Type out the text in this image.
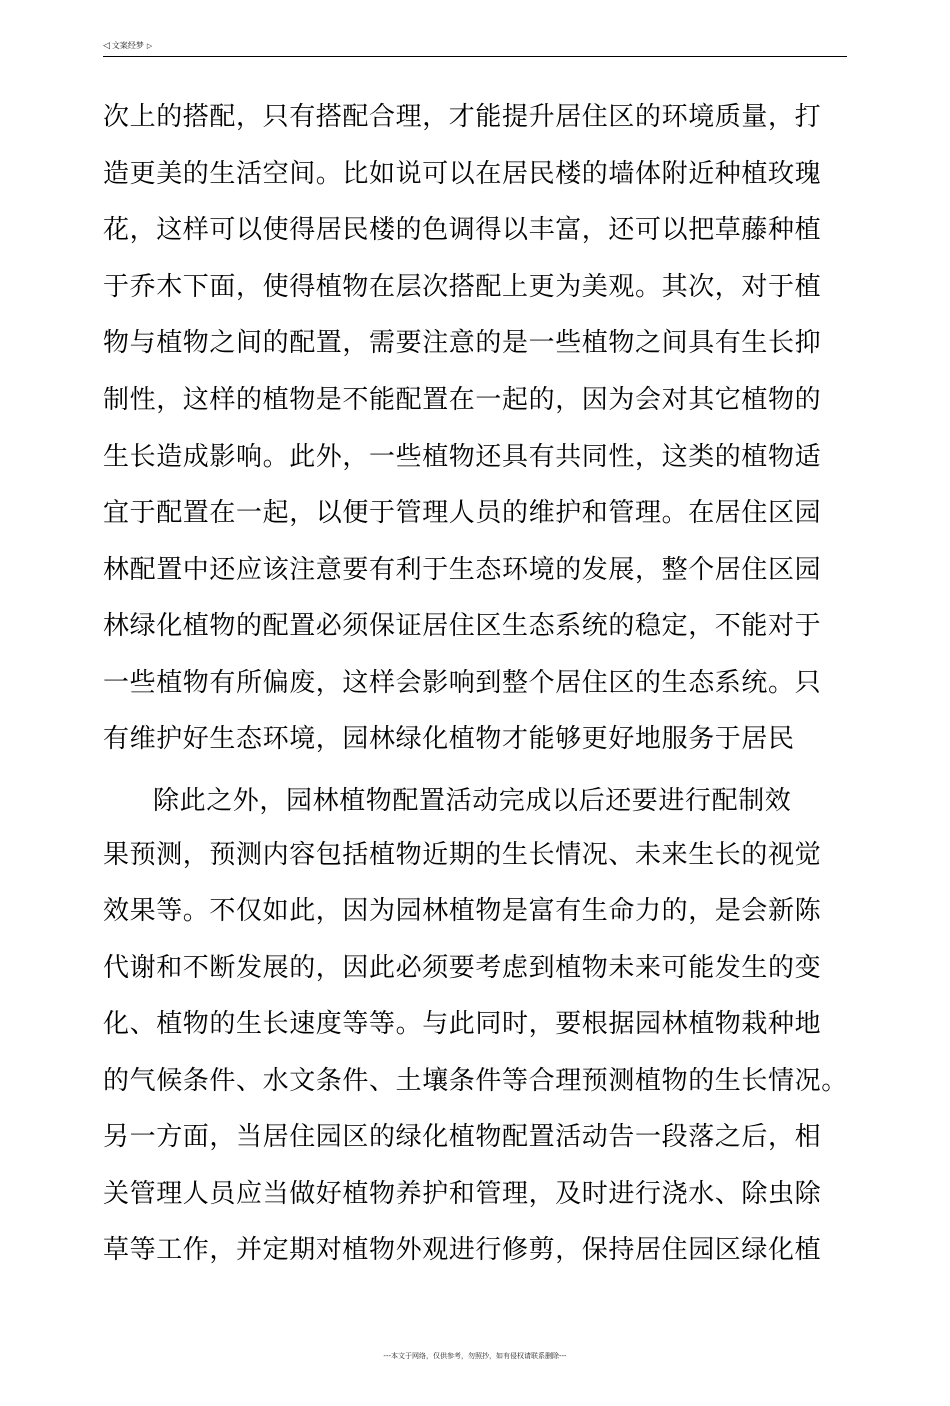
◁ 文案经梦 ▷
次上的搭配，只有搭配合理，才能提升居住区的环境质量，打
造更美的生活空间。比如说可以在居民楼的墙体附近种植玫瑰
花，这样可以使得居民楼的色调得以丰富，还可以把草藤种植
于乔木下面，使得植物在层次搭配上更为美观。其次，对于植
物与植物之间的配置，需要注意的是一些植物之间具有生长抑
制性，这样的植物是不能配置在一起的，因为会对其它植物的
生长造成影响。此外，一些植物还具有共同性，这类的植物适
宜于配置在一起，以便于管理人员的维护和管理。在居住区园
林配置中还应该注意要有利于生态环境的发展，整个居住区园
林绿化植物的配置必须保证居住区生态系统的稳定，不能对于
一些植物有所偏废，这样会影响到整个居住区的生态系统。只
有维护好生态环境，园林绿化植物才能够更好地服务于居民
除此之外，园林植物配置活动完成以后还要进行配制效
果预测，预测内容包括植物近期的生长情况、未来生长的视觉
效果等。不仅如此，因为园林植物是富有生命力的，是会新陈
代谢和不断发展的，因此必须要考虑到植物未来可能发生的变
化、植物的生长速度等等。与此同时，要根据园林植物栽种地
的气候条件、水文条件、土壤条件等合理预测植物的生长情况。
另一方面，当居住园区的绿化植物配置活动告一段落之后，相
关管理人员应当做好植物养护和管理，及时进行浇水、除虫除
草等工作，并定期对植物外观进行修剪，保持居住园区绿化植
---本文于网络，仅供参考，勿照抄，如有侵权请联系删除---
